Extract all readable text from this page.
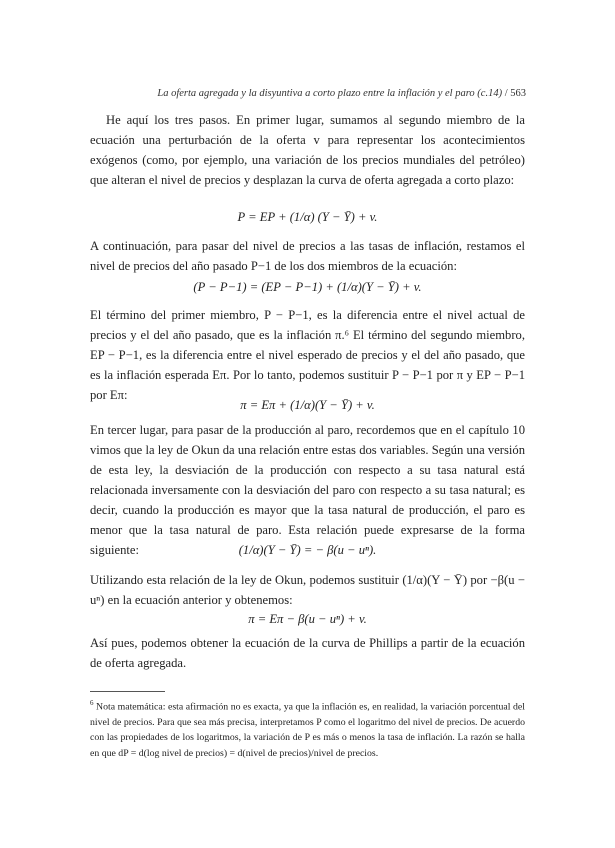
La oferta agregada y la disyuntiva a corto plazo entre la inflación y el paro (c.14) / 563

He aquí los tres pasos. En primer lugar, sumamos al segundo miembro de la ecuación una perturbación de la oferta v para representar los acontecimientos exógenos (como, por ejemplo, una variación de los precios mundiales del petróleo) que alteran el nivel de precios y desplazan la curva de oferta agregada a corto plazo:

P = EP + (1/α) (Y − Ȳ) + v.

A continuación, para pasar del nivel de precios a las tasas de inflación, restamos el nivel de precios del año pasado P−1 de los dos miembros de la ecuación:

(P − P−1) = (EP − P−1) + (1/α)(Y − Ȳ) + v.

El término del primer miembro, P − P−1, es la diferencia entre el nivel actual de precios y el del año pasado, que es la inflación π.⁶ El término del segundo miembro, EP − P−1, es la diferencia entre el nivel esperado de precios y el del año pasado, que es la inflación esperada Eπ. Por lo tanto, podemos sustituir P − P−1 por π y EP − P−1 por Eπ:

π = Eπ + (1/α)(Y − Ȳ) + v.

En tercer lugar, para pasar de la producción al paro, recordemos que en el capítulo 10 vimos que la ley de Okun da una relación entre estas dos variables. Según una versión de esta ley, la desviación de la producción con respecto a su tasa natural está relacionada inversamente con la desviación del paro con respecto a su tasa natural; es decir, cuando la producción es mayor que la tasa natural de producción, el paro es menor que la tasa natural de paro. Esta relación puede expresarse de la forma siguiente:	(1/α)(Y − Ȳ) = − β(u − uⁿ).

Utilizando esta relación de la ley de Okun, podemos sustituir (1/α)(Y − Ȳ) por −β(u − uⁿ) en la ecuación anterior y obtenemos:

π = Eπ − β(u − uⁿ) + v.

Así pues, podemos obtener la ecuación de la curva de Phillips a partir de la ecuación de oferta agregada.

$^6$ Nota matemática: esta afirmación no es exacta, ya que la inflación es, en realidad, la variación porcentual del nivel de precios. Para que sea más precisa, interpretamos P como el logaritmo del nivel de precios. De acuerdo con las propiedades de los logaritmos, la variación de P es más o menos la tasa de inflación. La razón se halla en que dP = d(log nivel de precios) = d(nivel de precios)/nivel de precios.
